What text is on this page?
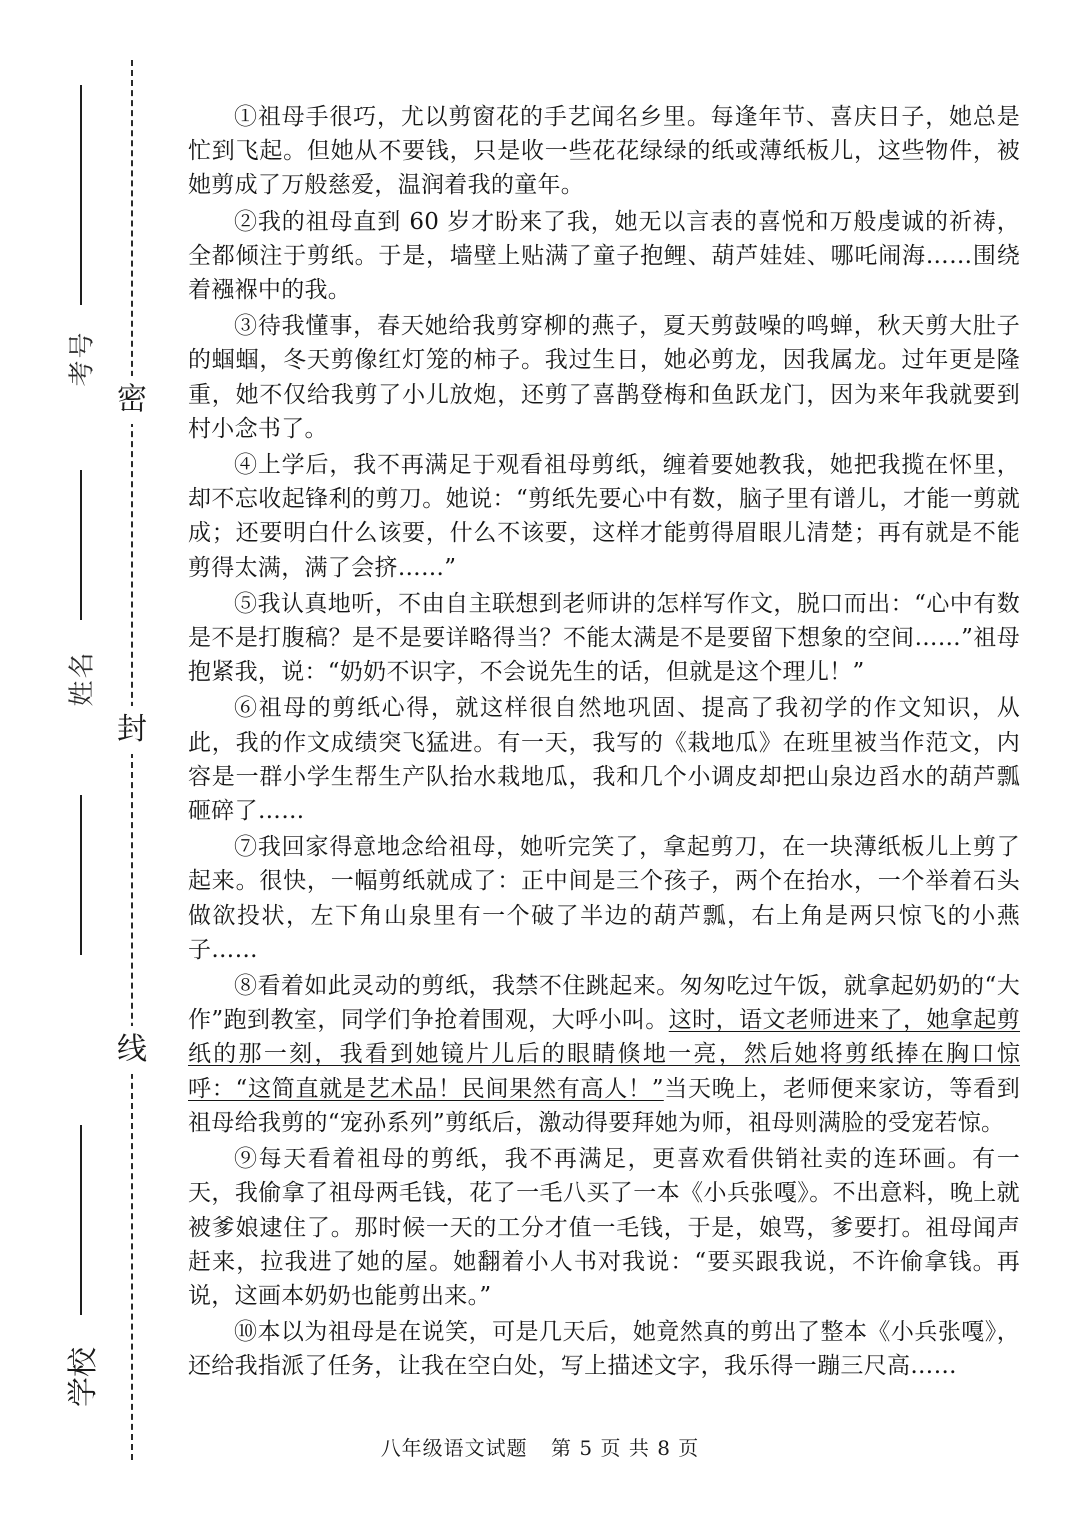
密
封
线
考号
姓名
学校

①祖母手很巧，尤以剪窗花的手艺闻名乡里。每逢年节、喜庆日子，她总是忙到飞起。但她从不要钱，只是收一些花花绿绿的纸或薄纸板儿，这些物件，被她剪成了万般慈爱，温润着我的童年。

②我的祖母直到 60 岁才盼来了我，她无以言表的喜悦和万般虔诚的祈祷，全都倾注于剪纸。于是，墙壁上贴满了童子抱鲤、葫芦娃娃、哪吒闹海……围绕着襁褓中的我。

③待我懂事，春天她给我剪穿柳的燕子，夏天剪鼓噪的鸣蝉，秋天剪大肚子的蝈蝈，冬天剪像红灯笼的柿子。我过生日，她必剪龙，因我属龙。过年更是隆重，她不仅给我剪了小儿放炮，还剪了喜鹊登梅和鱼跃龙门，因为来年我就要到村小念书了。

④上学后，我不再满足于观看祖母剪纸，缠着要她教我，她把我揽在怀里，却不忘收起锋利的剪刀。她说：“剪纸先要心中有数，脑子里有谱儿，才能一剪就成；还要明白什么该要，什么不该要，这样才能剪得眉眼儿清楚；再有就是不能剪得太满，满了会挤……”

⑤我认真地听，不由自主联想到老师讲的怎样写作文，脱口而出：“心中有数是不是打腹稿？是不是要详略得当？不能太满是不是要留下想象的空间……”祖母抱紧我，说：“奶奶不识字，不会说先生的话，但就是这个理儿！”

⑥祖母的剪纸心得，就这样很自然地巩固、提高了我初学的作文知识，从此，我的作文成绩突飞猛进。有一天，我写的《栽地瓜》在班里被当作范文，内容是一群小学生帮生产队抬水栽地瓜，我和几个小调皮却把山泉边舀水的葫芦瓢砸碎了……

⑦我回家得意地念给祖母，她听完笑了，拿起剪刀，在一块薄纸板儿上剪了起来。很快，一幅剪纸就成了：正中间是三个孩子，两个在抬水，一个举着石头做欲投状，左下角山泉里有一个破了半边的葫芦瓢，右上角是两只惊飞的小燕子……

⑧看着如此灵动的剪纸，我禁不住跳起来。匆匆吃过午饭，就拿起奶奶的“大作”跑到教室，同学们争抢着围观，大呼小叫。这时，语文老师进来了，她拿起剪纸的那一刻，我看到她镜片儿后的眼睛倏地一亮，然后她将剪纸捧在胸口惊呼：“这简直就是艺术品！民间果然有高人！”当天晚上，老师便来家访，等看到祖母给我剪的“宠孙系列”剪纸后，激动得要拜她为师，祖母则满脸的受宠若惊。

⑨每天看着祖母的剪纸，我不再满足，更喜欢看供销社卖的连环画。有一天，我偷拿了祖母两毛钱，花了一毛八买了一本《小兵张嘎》。不出意料，晚上就被爹娘逮住了。那时候一天的工分才值一毛钱，于是，娘骂，爹要打。祖母闻声赶来，拉我进了她的屋。她翻着小人书对我说：“要买跟我说，不许偷拿钱。再说，这画本奶奶也能剪出来。”

⑩本以为祖母是在说笑，可是几天后，她竟然真的剪出了整本《小兵张嘎》，还给我指派了任务，让我在空白处，写上描述文字，我乐得一蹦三尺高……

八年级语文试题 第 5 页 共 8 页
